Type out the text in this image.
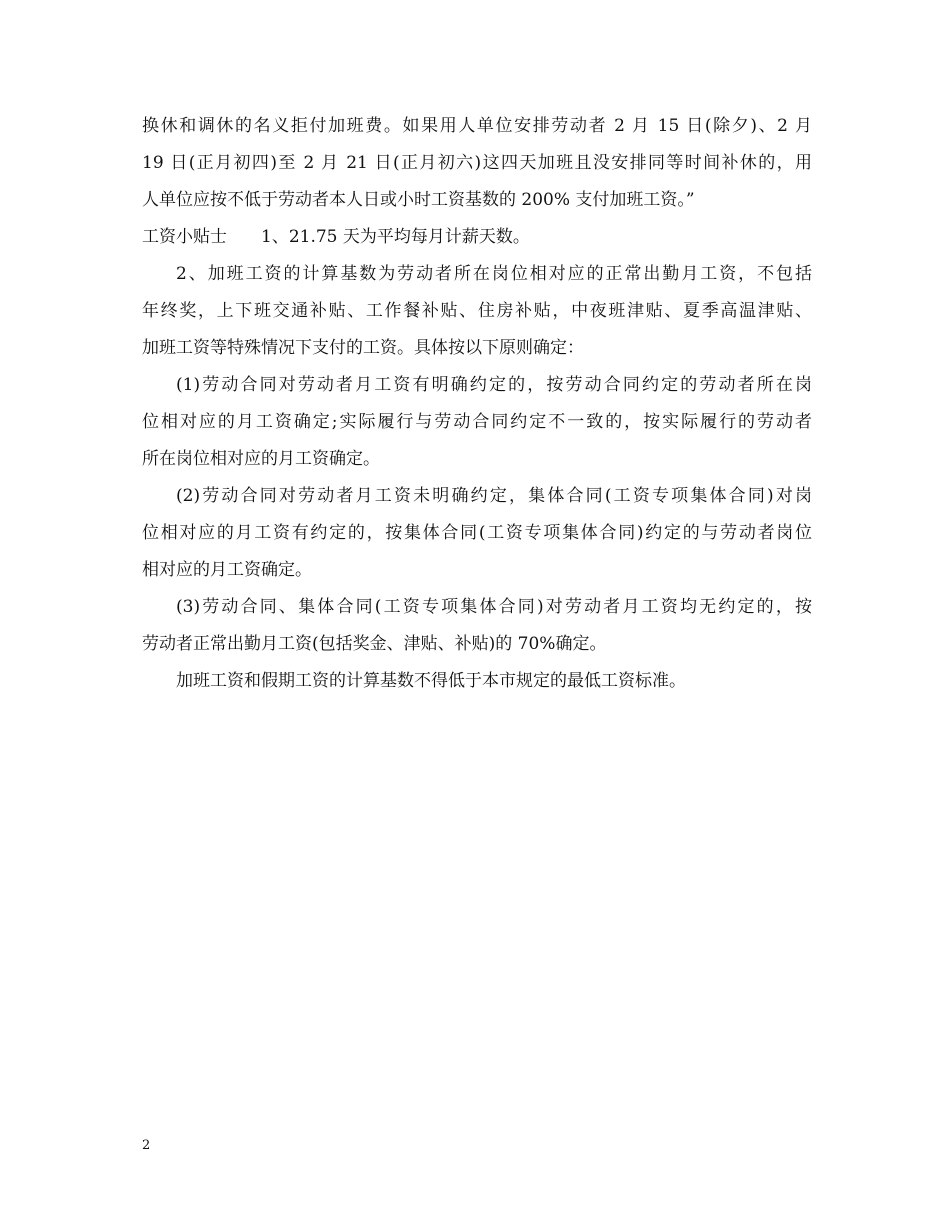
换休和调休的名义拒付加班费。如果用人单位安排劳动者 2 月 15 日(除夕)、2 月
19 日(正月初四)至 2 月 21 日(正月初六)这四天加班且没安排同等时间补休的，用
人单位应按不低于劳动者本人日或小时工资基数的 200% 支付加班工资。”
工资小贴士　　1、21.75 天为平均每月计薪天数。
2、加班工资的计算基数为劳动者所在岗位相对应的正常出勤月工资，不包括
年终奖，上下班交通补贴、工作餐补贴、住房补贴，中夜班津贴、夏季高温津贴、
加班工资等特殊情况下支付的工资。具体按以下原则确定：
(1)劳动合同对劳动者月工资有明确约定的，按劳动合同约定的劳动者所在岗
位相对应的月工资确定;实际履行与劳动合同约定不一致的，按实际履行的劳动者
所在岗位相对应的月工资确定。
(2)劳动合同对劳动者月工资未明确约定，集体合同(工资专项集体合同)对岗
位相对应的月工资有约定的，按集体合同(工资专项集体合同)约定的与劳动者岗位
相对应的月工资确定。
(3)劳动合同、集体合同(工资专项集体合同)对劳动者月工资均无约定的，按
劳动者正常出勤月工资(包括奖金、津贴、补贴)的 70%确定。
加班工资和假期工资的计算基数不得低于本市规定的最低工资标准。
2
